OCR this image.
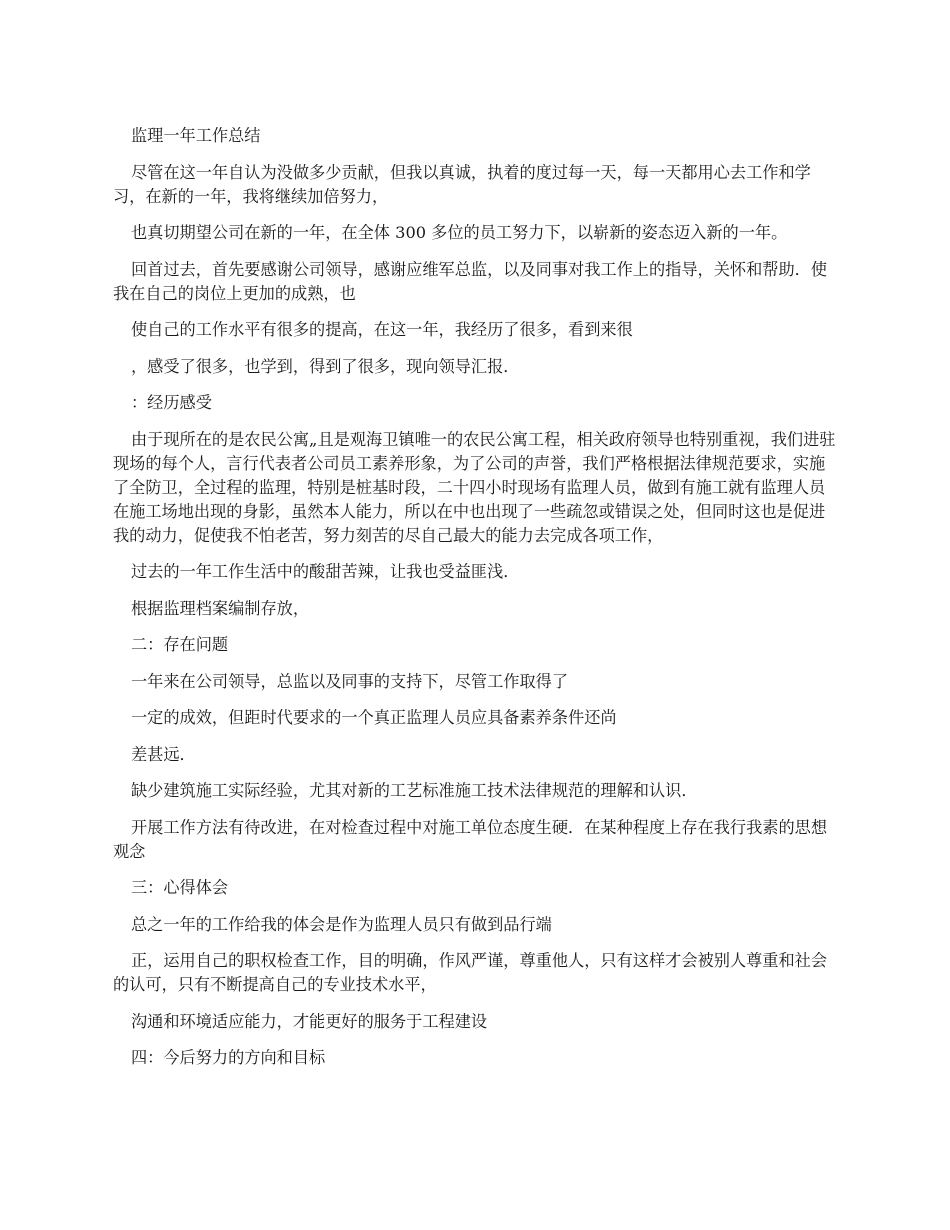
监理一年工作总结

尽管在这一年自认为没做多少贡献，但我以真诚，执着的度过每一天，每一天都用心去工作和学习，在新的一年，我将继续加倍努力，

也真切期望公司在新的一年，在全体 300 多位的员工努力下，以崭新的姿态迈入新的一年。

回首过去，首先要感谢公司领导，感谢应维军总监，以及同事对我工作上的指导，关怀和帮助．使我在自己的岗位上更加的成熟，也

使自己的工作水平有很多的提高，在这一年，我经历了很多，看到来很

，感受了很多，也学到，得到了很多，现向领导汇报．

：经历感受

由于现所在的是农民公寓„且是观海卫镇唯一的农民公寓工程，相关政府领导也特别重视，我们进驻现场的每个人，言行代表者公司员工素养形象，为了公司的声誉，我们严格根据法律规范要求，实施了全防卫，全过程的监理，特别是桩基时段，二十四小时现场有监理人员，做到有施工就有监理人员在施工场地出现的身影，虽然本人能力，所以在中也出现了一些疏忽或错误之处，但同时这也是促进我的动力，促使我不怕老苦，努力刻苦的尽自己最大的能力去完成各项工作，

过去的一年工作生活中的酸甜苦辣，让我也受益匪浅．

根据监理档案编制存放，

二：存在问题

一年来在公司领导，总监以及同事的支持下，尽管工作取得了

一定的成效，但距时代要求的一个真正监理人员应具备素养条件还尚

差甚远．

缺少建筑施工实际经验，尤其对新的工艺标准施工技术法律规范的理解和认识．

开展工作方法有待改进，在对检查过程中对施工单位态度生硬．在某种程度上存在我行我素的思想观念

三：心得体会

总之一年的工作给我的体会是作为监理人员只有做到品行端

正，运用自己的职权检查工作，目的明确，作风严谨，尊重他人，只有这样才会被别人尊重和社会的认可，只有不断提高自己的专业技术水平，

沟通和环境适应能力，才能更好的服务于工程建设

四：今后努力的方向和目标
